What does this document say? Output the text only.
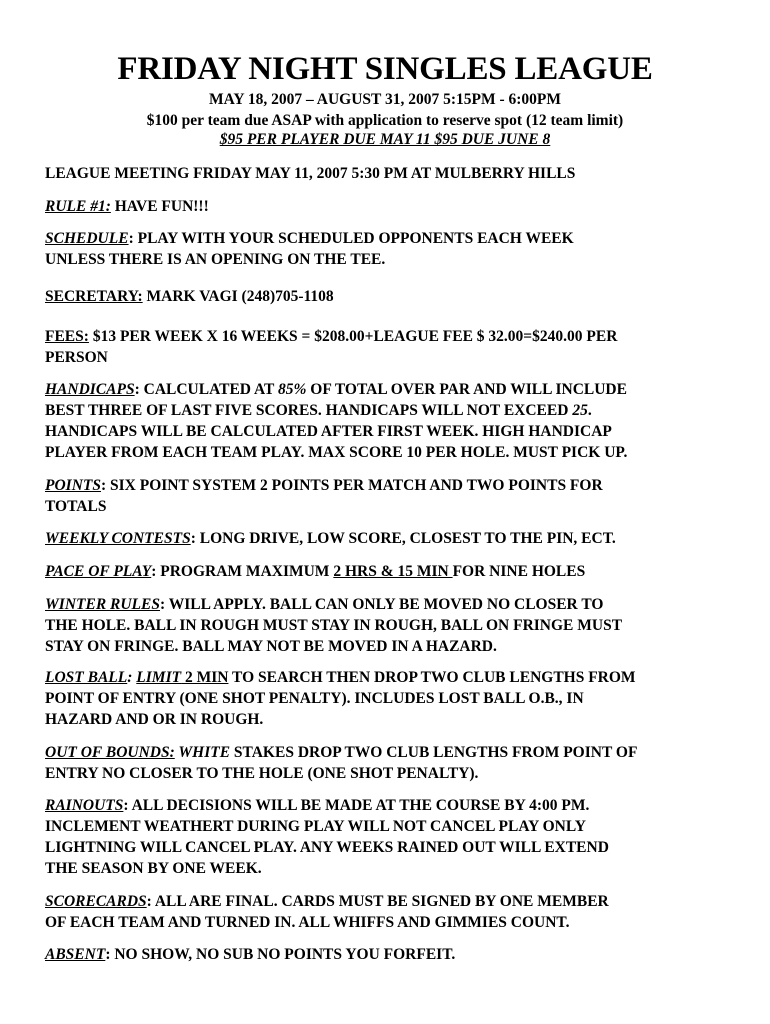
FRIDAY NIGHT SINGLES LEAGUE
MAY 18, 2007 – AUGUST 31, 2007 5:15PM - 6:00PM
$100 per team due ASAP with application to reserve spot (12 team limit)
$95 PER PLAYER DUE MAY 11 $95 DUE JUNE 8
LEAGUE MEETING FRIDAY MAY 11, 2007 5:30 PM AT MULBERRY HILLS
RULE #1: HAVE FUN!!!
SCHEDULE: PLAY WITH YOUR SCHEDULED OPPONENTS EACH WEEK
UNLESS THERE IS AN OPENING ON THE TEE.
SECRETARY: MARK VAGI (248)705-1108
FEES: $13 PER WEEK X 16 WEEKS = $208.00+LEAGUE FEE $ 32.00=$240.00 PER
PERSON
HANDICAPS: CALCULATED AT 85% OF TOTAL OVER PAR AND WILL INCLUDE
BEST THREE OF LAST FIVE SCORES. HANDICAPS WILL NOT EXCEED 25.
HANDICAPS WILL BE CALCULATED AFTER FIRST WEEK. HIGH HANDICAP
PLAYER FROM EACH TEAM PLAY. MAX SCORE 10 PER HOLE. MUST PICK UP.
POINTS: SIX POINT SYSTEM 2 POINTS PER MATCH AND TWO POINTS FOR
TOTALS
WEEKLY CONTESTS: LONG DRIVE, LOW SCORE, CLOSEST TO THE PIN, ECT.
PACE OF PLAY: PROGRAM MAXIMUM 2 HRS & 15 MIN FOR NINE HOLES
WINTER RULES: WILL APPLY. BALL CAN ONLY BE MOVED NO CLOSER TO
THE HOLE. BALL IN ROUGH MUST STAY IN ROUGH, BALL ON FRINGE MUST
STAY ON FRINGE. BALL MAY NOT BE MOVED IN A HAZARD.
LOST BALL: LIMIT 2 MIN TO SEARCH THEN DROP TWO CLUB LENGTHS FROM
POINT OF ENTRY (ONE SHOT PENALTY). INCLUDES LOST BALL O.B., IN
HAZARD AND OR IN ROUGH.
OUT OF BOUNDS: WHITE STAKES DROP TWO CLUB LENGTHS FROM POINT OF
ENTRY NO CLOSER TO THE HOLE (ONE SHOT PENALTY).
RAINOUTS: ALL DECISIONS WILL BE MADE AT THE COURSE BY 4:00 PM.
INCLEMENT WEATHERT DURING PLAY WILL NOT CANCEL PLAY ONLY
LIGHTNING WILL CANCEL PLAY. ANY WEEKS RAINED OUT WILL EXTEND
THE SEASON BY ONE WEEK.
SCORECARDS: ALL ARE FINAL. CARDS MUST BE SIGNED BY ONE MEMBER
OF EACH TEAM AND TURNED IN. ALL WHIFFS AND GIMMIES COUNT.
ABSENT: NO SHOW, NO SUB NO POINTS YOU FORFEIT.
